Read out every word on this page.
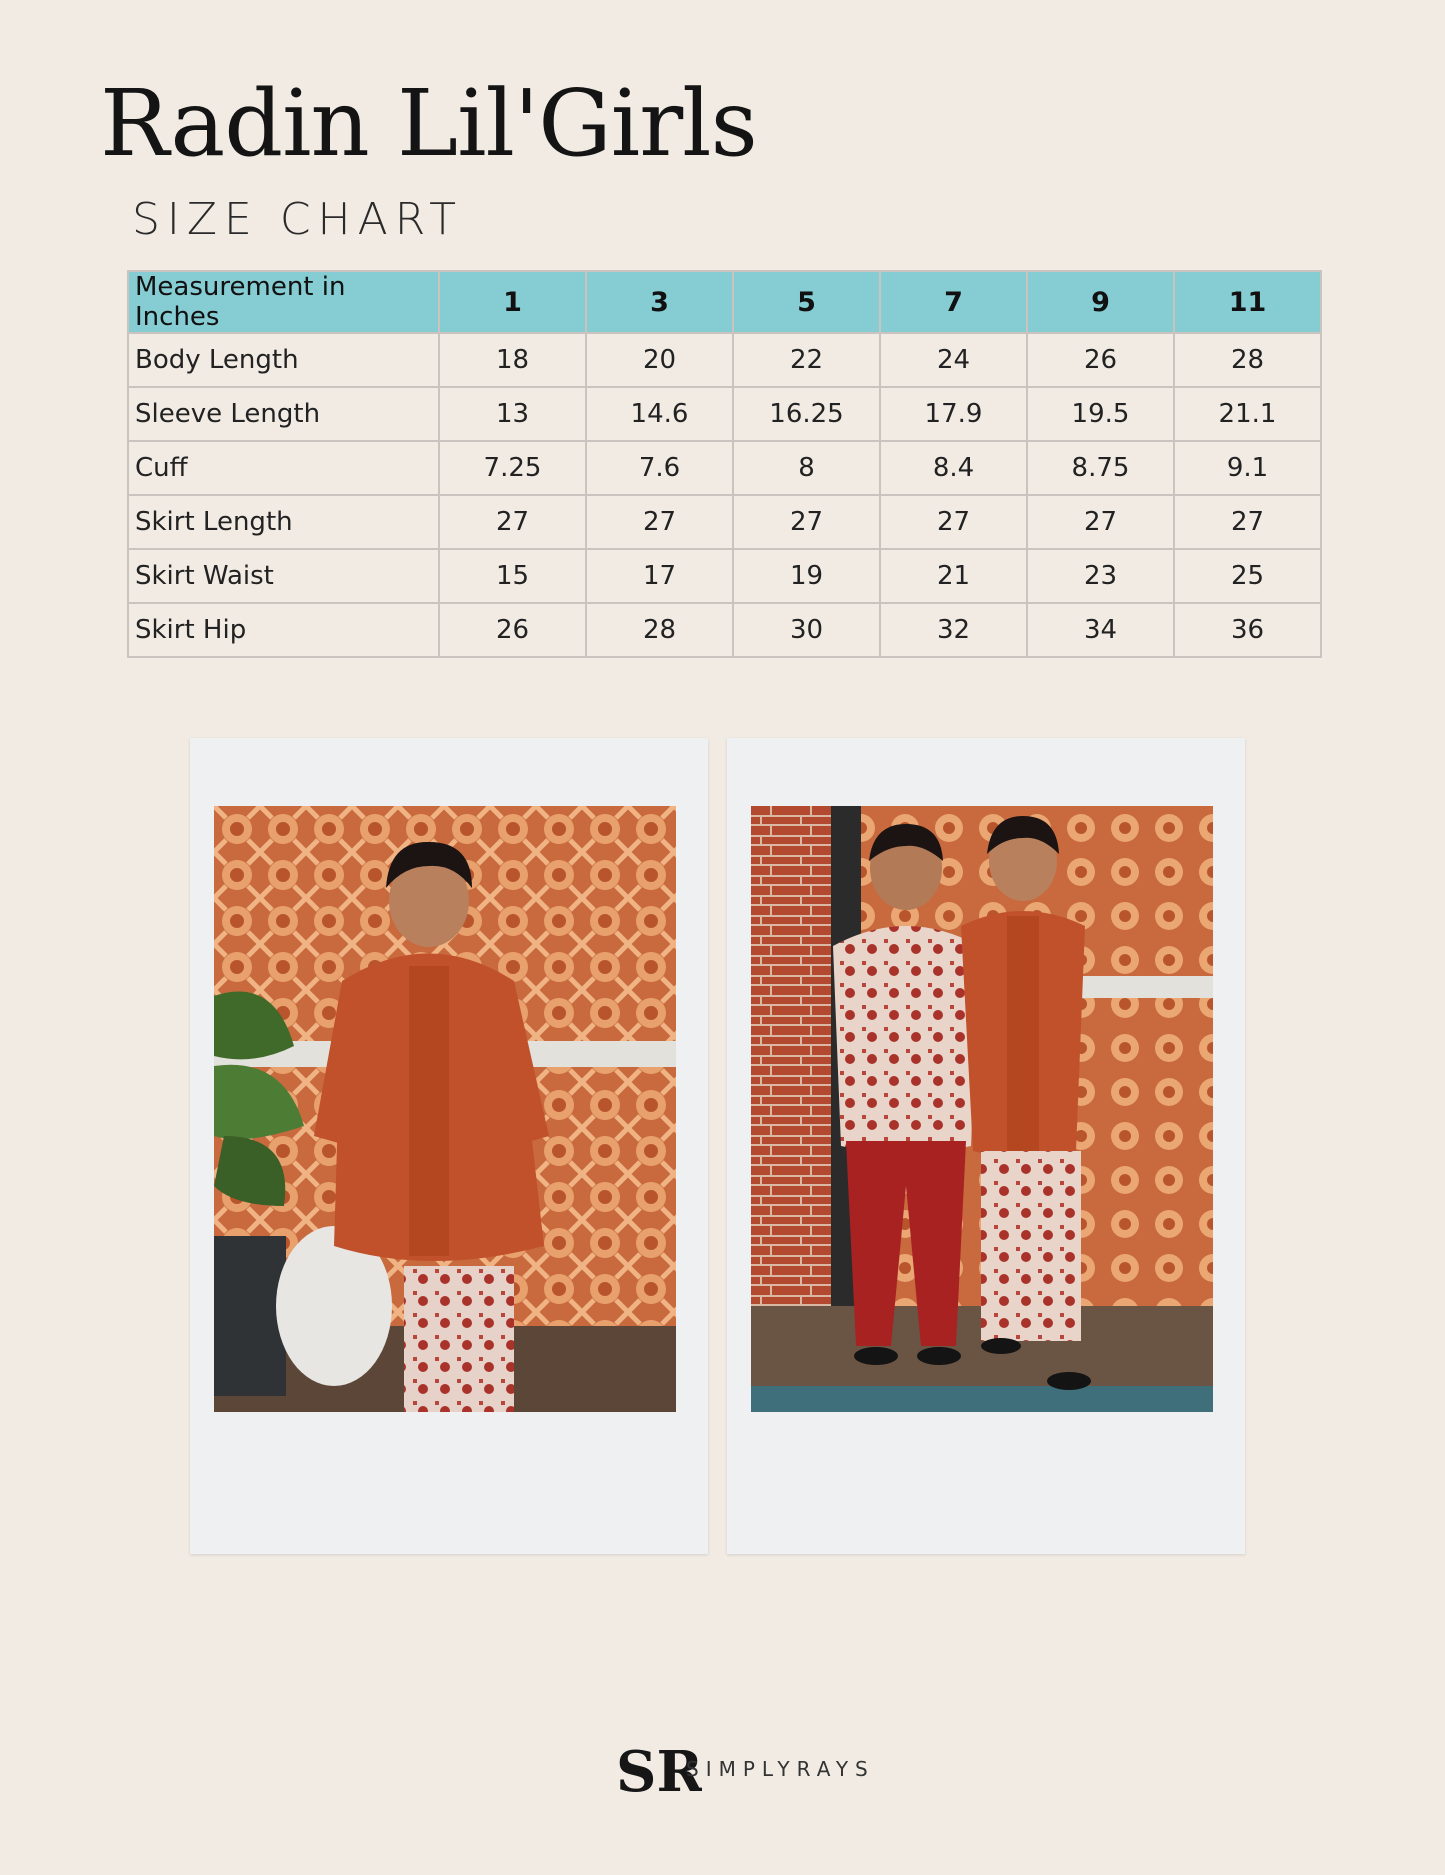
Radin Lil'Girls
SIZE CHART
Measurement in Inches	1	3	5	7	9	11
Body Length	18	20	22	24	26	28
Sleeve Length	13	14.6	16.25	17.9	19.5	21.1
Cuff	7.25	7.6	8	8.4	8.75	9.1
Skirt Length	27	27	27	27	27	27
Skirt Waist	15	17	19	21	23	25
Skirt Hip	26	28	30	32	34	36
SR
SIMPLYRAYS
